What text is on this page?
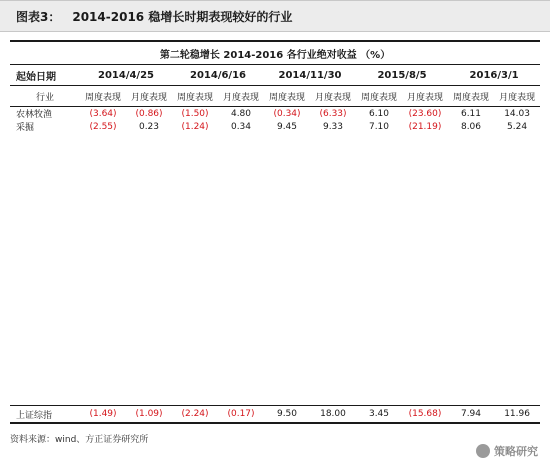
图表3： 2014-2016 稳增长时期表现较好的行业
第二轮稳增长 2014-2016 各行业绝对收益 （%）										
起始日期	2014/4/25		2014/6/16		2014/11/30		2015/8/5		2016/3/1	
行业	周度表现	月度表现	周度表现	月度表现	周度表现	月度表现	周度表现	月度表现	周度表现	月度表现
农林牧渔	(3.64)	(0.86)	(1.50)	4.80	(0.34)	(6.33)	6.10	(23.60)	6.11	14.03
采掘	(2.55)	0.23	(1.24)	0.34	9.45	9.33	7.10	(21.19)	8.06	5.24

上证综指	(1.49)	(1.09)	(2.24)	(0.17)	9.50	18.00	3.45	(15.68)	7.94	11.96
资料来源：wind、方正证券研究所
策略研究
